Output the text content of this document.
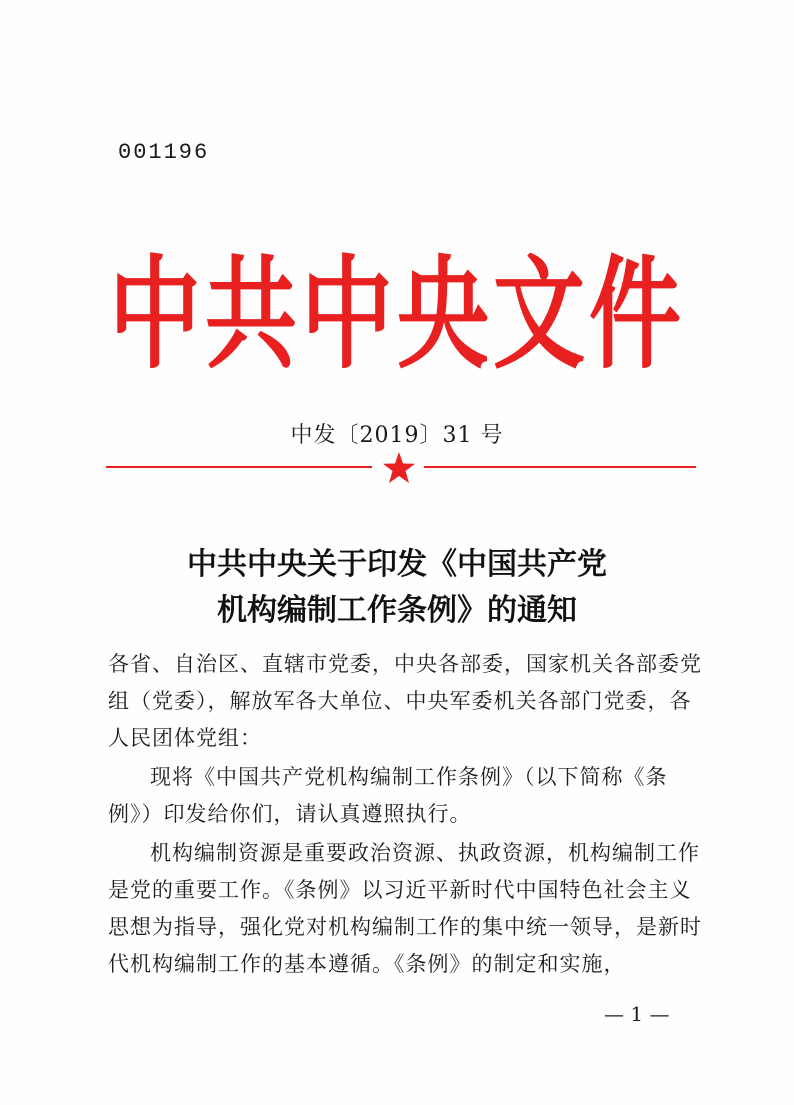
001196
中共中央文件
中发〔2019〕31 号
中共中央关于印发《中国共产党
机构编制工作条例》的通知

各省、自治区、直辖市党委，中央各部委，国家机关各部委党组（党委），解放军各大单位、中央军委机关各部门党委，各人民团体党组：

现将《中国共产党机构编制工作条例》（以下简称《条例》）印发给你们，请认真遵照执行。

机构编制资源是重要政治资源、执政资源，机构编制工作是党的重要工作。《条例》以习近平新时代中国特色社会主义思想为指导，强化党对机构编制工作的集中统一领导，是新时代机构编制工作的基本遵循。《条例》的制定和实施，

— 1 —
